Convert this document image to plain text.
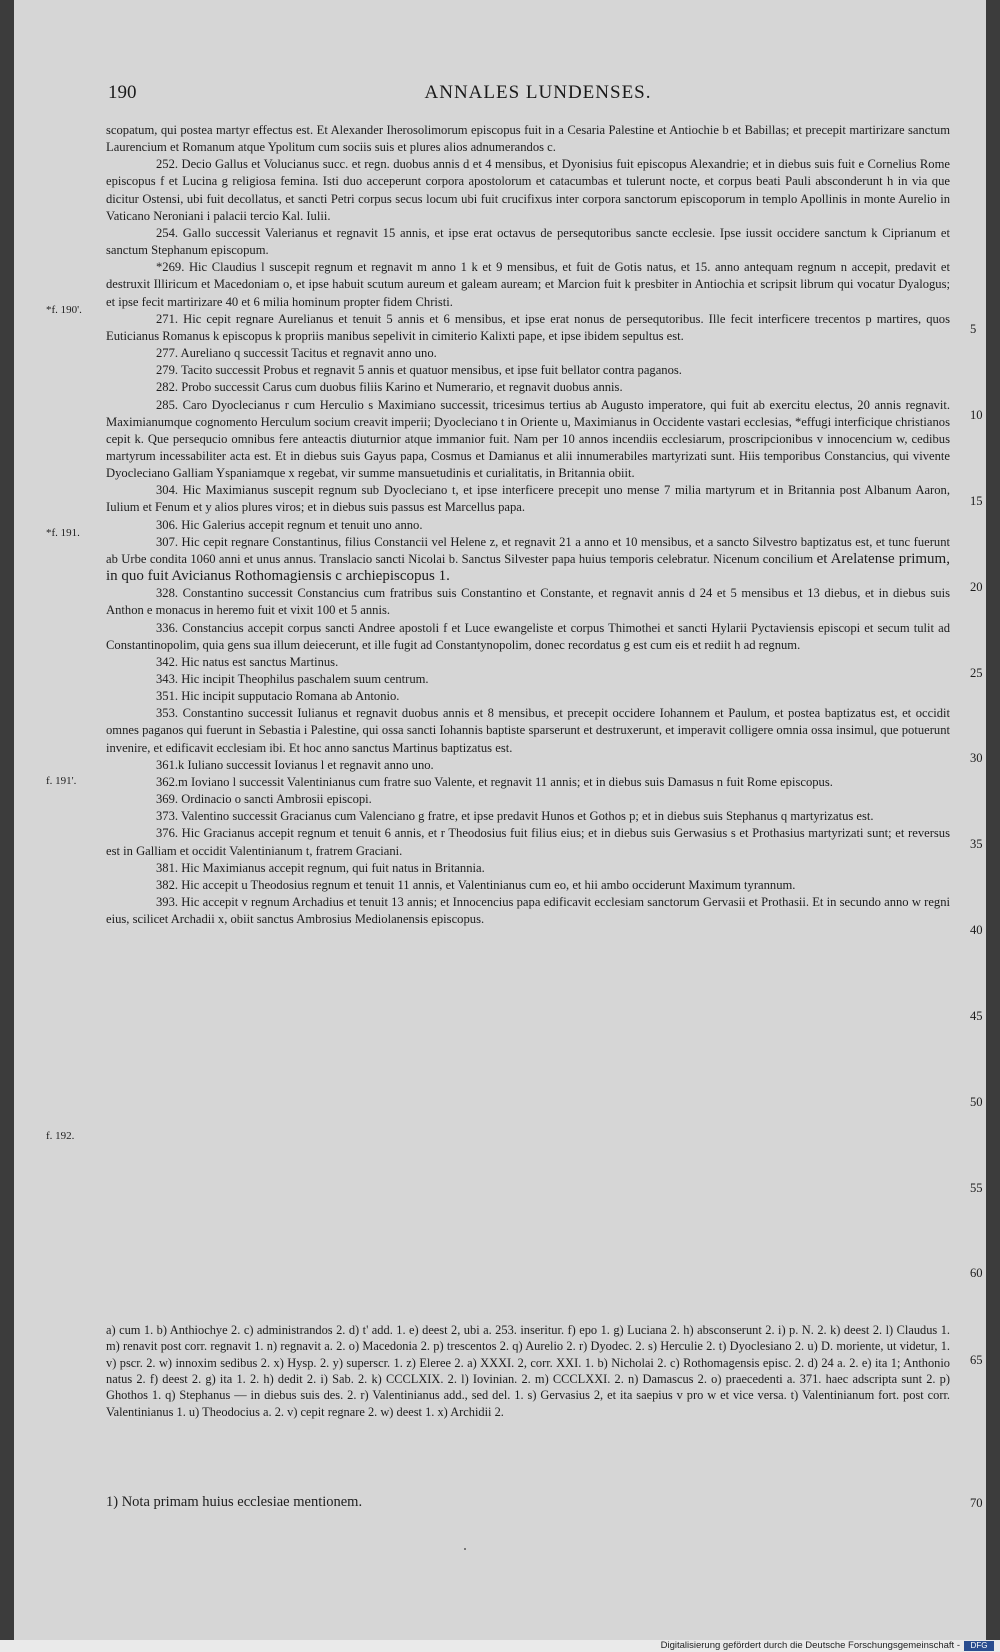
190	ANNALES LUNDENSES.
scopatum, qui postea martyr effectus est. Et Alexander Iherosolimorum episcopus fuit in a Cesaria Palestine et Antiochie b et Babillas; et precepit martirizare sanctum Laurencium et Romanum atque Ypolitum cum sociis suis et plures alios adnumerandos c.
252. Decio Gallus et Volucianus succ. et regn. duobus annis d et 4 mensibus, et Dyonisius fuit episcopus Alexandrie; et in diebus suis fuit e Cornelius Rome episcopus f et Lucina g religiosa femina. Isti duo acceperunt corpora apostolorum et catacumbas et tulerunt nocte, et corpus beati Pauli absconderunt h in via que dicitur Ostensi, ubi fuit decollatus, et sancti Petri corpus secus locum ubi fuit crucifixus inter corpora sanctorum episcoporum in templo Apollinis in monte Aurelio in Vaticano Neroniani i palacii tercio Kal. Iulii.
254. Gallo successit Valerianus et regnavit 15 annis, et ipse erat octavus de persequtoribus sancte ecclesie. Ipse iussit occidere sanctum k Ciprianum et sanctum Stephanum episcopum.
*269. Hic Claudius l suscepit regnum et regnavit m anno 1 k et 9 mensibus, et fuit de Gotis natus, et 15. anno antequam regnum n accepit, predavit et destruxit Illiricum et Macedoniam o, et ipse habuit scutum aureum et galeam auream; et Marcion fuit k presbiter in Antiochia et scripsit librum qui vocatur Dyalogus; et ipse fecit martirizare 40 et 6 milia hominum propter fidem Christi.
271. Hic cepit regnare Aurelianus et tenuit 5 annis et 6 mensibus, et ipse erat nonus de persequtoribus. Ille fecit interficere trecentos p martires, quos Euticianus Romanus k episcopus k propriis manibus sepelivit in cimiterio Kalixti pape, et ipse ibidem sepultus est.
277. Aureliano q successit Tacitus et regnavit anno uno.
279. Tacito successit Probus et regnavit 5 annis et quatuor mensibus, et ipse fuit bellator contra paganos.
282. Probo successit Carus cum duobus filiis Karino et Numerario, et regnavit duobus annis.
285. Caro Dyoclecianus r cum Herculio s Maximiano successit, tricesimus tertius ab Augusto imperatore, qui fuit ab exercitu electus, 20 annis regnavit. Maximianumque cognomento Herculum socium creavit imperii; Dyocleciano t in Oriente u, Maximianus in Occidente vastari ecclesias, *effugi interficique christianos cepit k. Que persequcio omnibus fere anteactis diuturnior atque immanior fuit. Nam per 10 annos incendiis ecclesiarum, proscripcionibus v innocencium w, cedibus martyrum incessabiliter acta est. Et in diebus suis Gayus papa, Cosmus et Damianus et alii innumerabiles martyrizati sunt. Hiis temporibus Constancius, qui vivente Dyocleciano Galliam Yspaniamque x regebat, vir summe mansuetudinis et curialitatis, in Britannia obiit.
304. Hic Maximianus suscepit regnum sub Dyocleciano t, et ipse interficere precepit uno mense 7 milia martyrum et in Britannia post Albanum Aaron, Iulium et Fenum et y alios plures viros; et in diebus suis passus est Marcellus papa.
306. Hic Galerius accepit regnum et tenuit uno anno.
307. Hic cepit regnare Constantinus, filius Constancii vel Helene z, et regnavit 21 a anno et 10 mensibus, et a sancto Silvestro baptizatus est, et tunc fuerunt ab Urbe condita 1060 anni et unus annus. Translacio sancti Nicolai b. Sanctus Silvester papa huius temporis celebratur. Nicenum concilium et Arelatense primum, in quo fuit Avicianus Rothomagiensis c archiepiscopus 1.
328. Constantino successit Constancius cum fratribus suis Constantino et Constante, et regnavit annis d 24 et 5 mensibus et 13 diebus, et in diebus suis Anthon e monacus in heremo fuit et vixit 100 et 5 annis.
336. Constancius accepit corpus sancti Andree apostoli f et Luce ewangeliste et corpus Thimothei et sancti Hylarii Pyctaviensis episcopi et secum tulit ad Constantinopolim, quia gens sua illum deiecerunt, et ille fugit ad Constantynopolim, donec recordatus g est cum eis et rediit h ad regnum.
342. Hic natus est sanctus Martinus.
343. Hic incipit Theophilus paschalem suum centrum.
351. Hic incipit supputacio Romana ab Antonio.
353. Constantino successit Iulianus et regnavit duobus annis et 8 mensibus, et precepit occidere Iohannem et Paulum, et postea baptizatus est, et occidit omnes paganos qui fuerunt in Sebastia i Palestine, qui ossa sancti Iohannis baptiste sparserunt et destruxerunt, et imperavit colligere omnia ossa insimul, que potuerunt invenire, et edificavit ecclesiam ibi. Et hoc anno sanctus Martinus baptizatus est.
361.k Iuliano successit Iovianus l et regnavit anno uno.
362.m Ioviano l successit Valentinianus cum fratre suo Valente, et regnavit 11 annis; et in diebus suis Damasus n fuit Rome episcopus.
369. Ordinacio o sancti Ambrosii episcopi.
373. Valentino successit Gracianus cum Valenciano g fratre, et ipse predavit Hunos et Gothos p; et in diebus suis Stephanus q martyrizatus est.
376. Hic Gracianus accepit regnum et tenuit 6 annis, et r Theodosius fuit filius eius; et in diebus suis Gerwasius s et Prothasius martyrizati sunt; et reversus est in Galliam et occidit Valentinianum t, fratrem Graciani.
381. Hic Maximianus accepit regnum, qui fuit natus in Britannia.
382. Hic accepit u Theodosius regnum et tenuit 11 annis, et Valentinianus cum eo, et hii ambo occiderunt Maximum tyrannum.
393. Hic accepit v regnum Archadius et tenuit 13 annis; et Innocencius papa edificavit ecclesiam sanctorum Gervasii et Prothasii. Et in secundo anno w regni eius, scilicet Archadii x, obiit sanctus Ambrosius Mediolanensis episcopus.
5
10
15
20
25
30
35
40
45
50
55
60
*f. 190'.
*f. 191.
f. 191'.
f. 192.
a) cum 1. b) Anthiochye 2. c) administrandos 2. d) t' add. 1. e) deest 2, ubi a. 253. inseritur. f) epo 1. g) Luciana 2. h) absconserunt 2. i) p. N. 2. k) deest 2. l) Claudus 1. m) renavit post corr. regnavit 1. n) regnavit a. 2. o) Macedonia 2. p) trescentos 2. q) Aurelio 2. r) Dyodec. 2. s) Herculie 2. t) Dyoclesiano 2. u) D. moriente, ut videtur, 1. v) pscr. 2. w) innoxim sedibus 2. x) Hysp. 2. y) superscr. 1. z) Eleree 2. a) XXXI. 2, corr. XXI. 1. b) Nicholai 2. c) Rothomagensis episc. 2. d) 24 a. 2. e) ita 1; Anthonio natus 2. f) deest 2. g) ita 1. 2. h) dedit 2. i) Sab. 2. k) CCCLXIX. 2. l) Iovinian. 2. m) CCCLXXI. 2. n) Damascus 2. o) praecedenti a. 371. haec adscripta sunt 2. p) Ghothos 1. q) Stephanus — in diebus suis des. 2. r) Valentinianus add., sed del. 1. s) Gervasius 2, et ita saepius v pro w et vice versa. t) Valentinianum fort. post corr. Valentinianus 1. u) Theodocius a. 2. v) cepit regnare 2. w) deest 1. x) Archidii 2.
65
1) Nota primam huius ecclesiae mentionem.	70
Digitalisierung gefördert durch die Deutsche Forschungsgemeinschaft -	DFG
